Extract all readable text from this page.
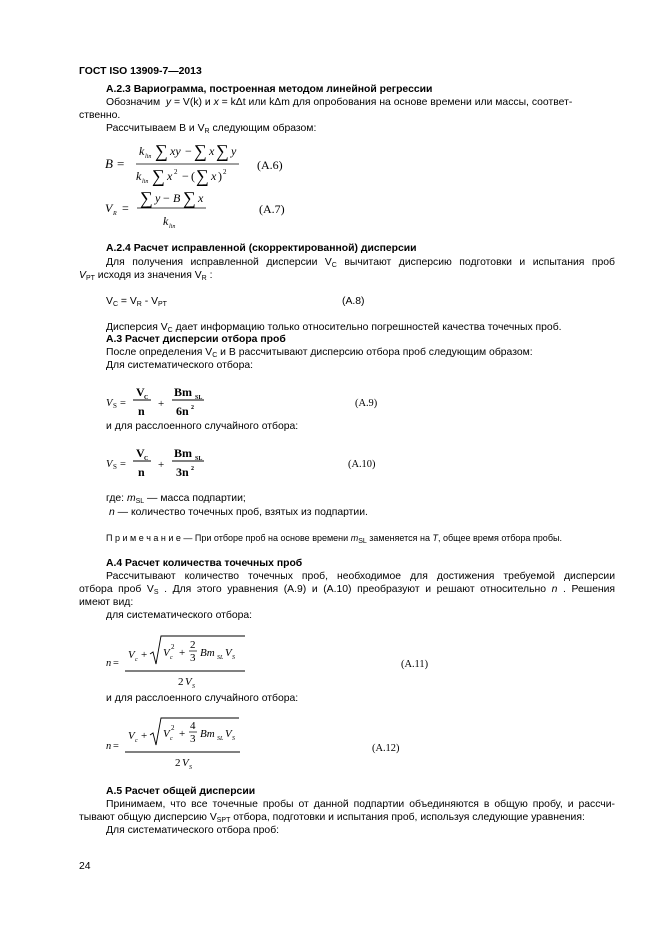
ГОСТ ISO 13909-7—2013
А.2.3 Вариограмма, построенная методом линейной регрессии
Обозначим y = V(k) и x = kΔt или kΔm для опробования на основе времени или массы, соответ-
ственно.
Рассчитываем B и $V_R$ следующим образом:
B =
k lin ∑ xy − ∑ x ∑ y
k lin ∑ x 2 − ( ∑ x ) 2	(А.6)
V R = ∑ y − B ∑ x
k lin
(А.7)
А.2.4 Расчет исправленной (скорректированной) дисперсии
Для получения исправленной дисперсии $V_C$ вычитают дисперсию подготовки и испытания проб
$V_{PT}$ исходя из значения $V_R$ :
$V_C = V_R - V_{PT}$	(А.8)
Дисперсия $V_C$ дает информацию только относительно погрешностей качества точечных проб.
А.3 Расчет дисперсии отбора проб
После определения $V_C$ и B рассчитывают дисперсию отбора проб следующим образом:
Для систематического отбора:
V S =
V C
n +
Bm SL
6n 2	(А.9)
и для расслоенного случайного отбора:
V S =
V C
n +
Bm SL
3n 2	(А.10)
где: $m_{SL}$ — масса подпартии;
n — количество точечных проб, взятых из подпартии.
П р и м е ч а н и е — При отборе проб на основе времени $m_{SL}$ заменяется на T, общее время отбора пробы.
А.4 Расчет количества точечных проб
Рассчитывают количество точечных проб, необходимое для достижения требуемой дисперсии
отбора проб $V_S$ . Для этого уравнения (А.9) и (А.10) преобразуют и решают относительно n . Решения
имеют вид:
для систематического отбора:
n =
V c + V c
2 +
2
3 Bm SL V S
2 V S
(А.11)
и для расслоенного случайного отбора:
n =
V c + V c
2 +
4
3 Bm SL V S
2 V S
(А.12)
А.5 Расчет общей дисперсии
Принимаем, что все точечные пробы от данной подпартии объединяются в общую пробу, и рассчи-
тывают общую дисперсию $V_{SPT}$ отбора, подготовки и испытания проб, используя следующие уравнения:
Для систематического отбора проб:
24
